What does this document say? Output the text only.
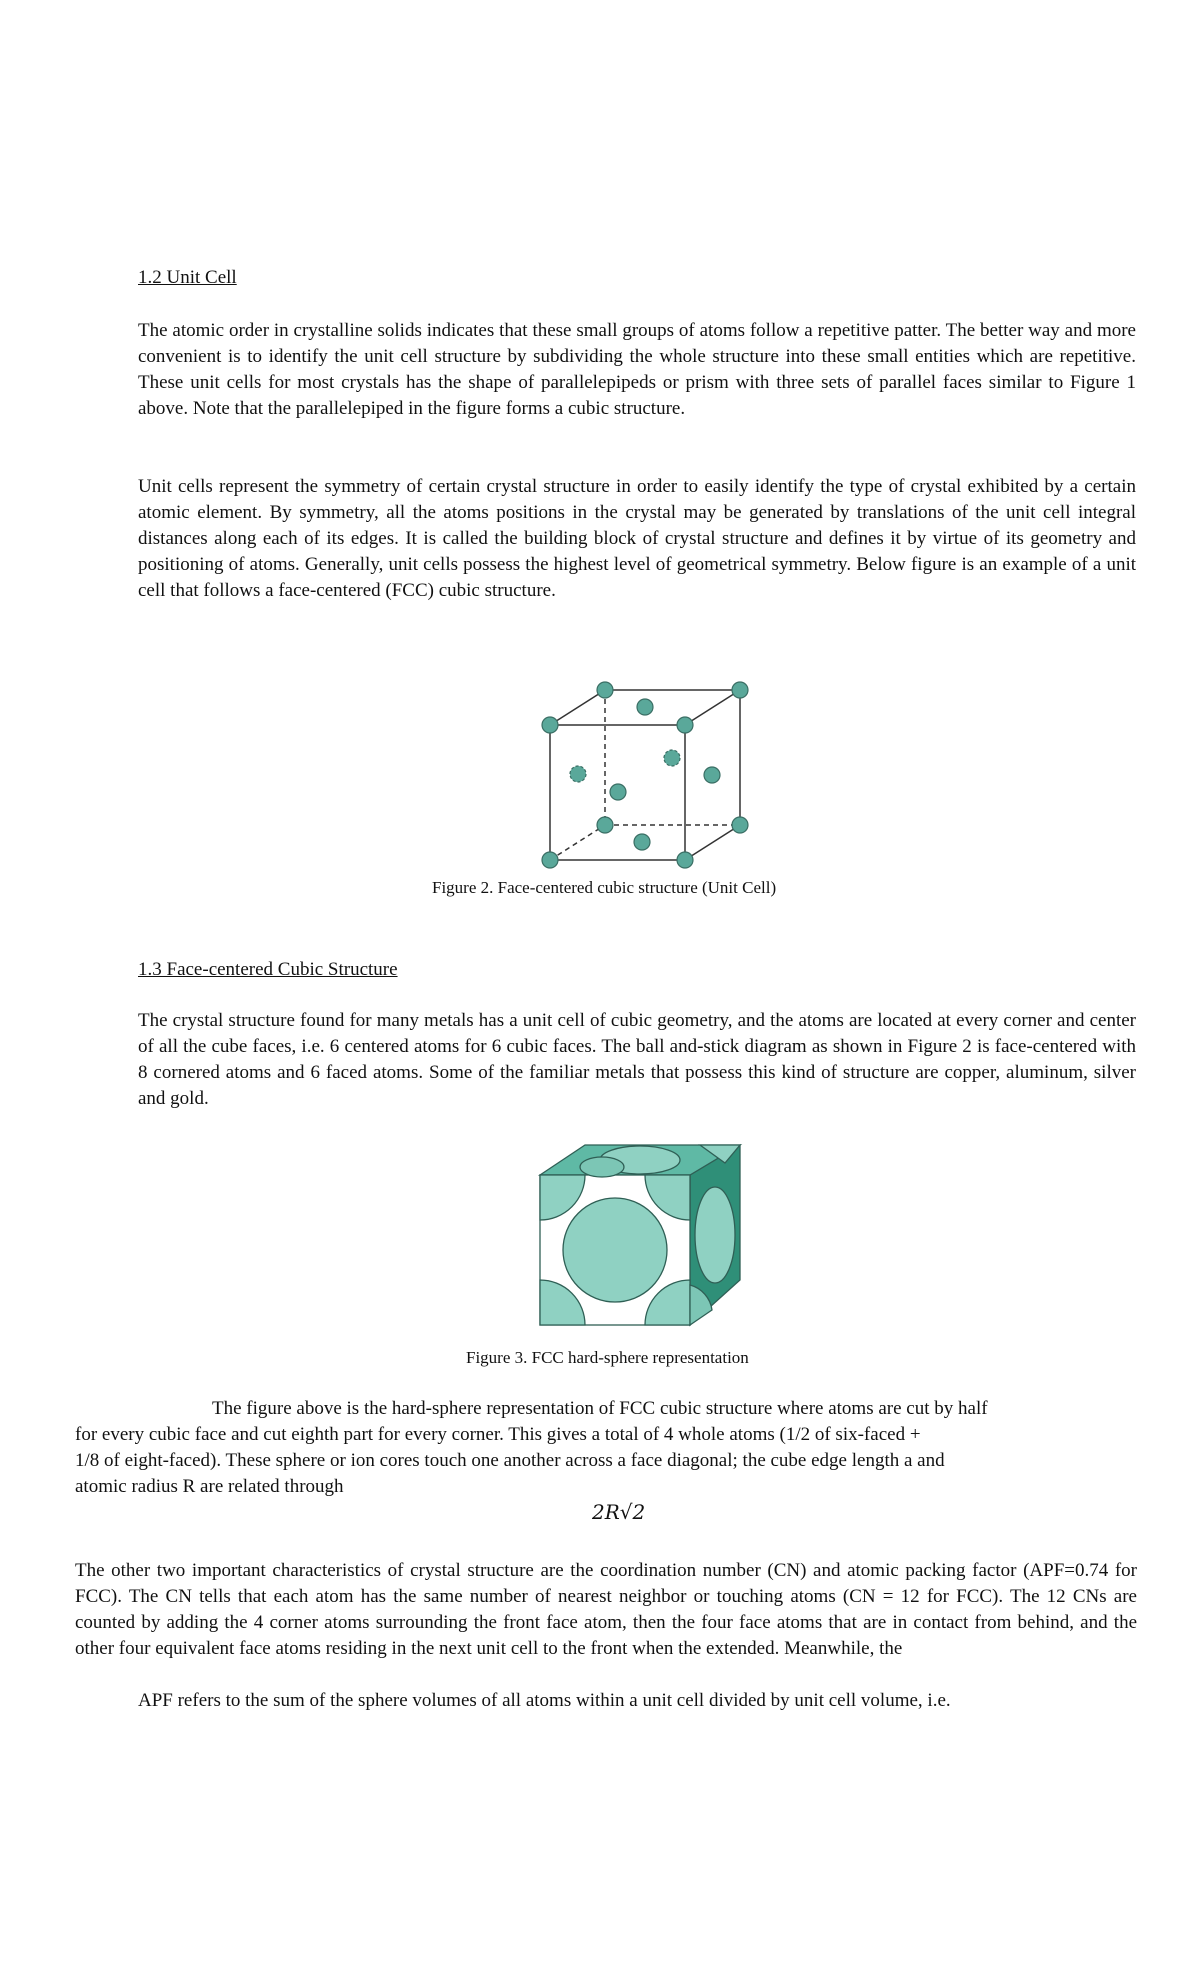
1.2 Unit Cell

The atomic order in crystalline solids indicates that these small groups of atoms follow a repetitive patter. The better way and more convenient is to identify the unit cell structure by subdividing the whole structure into these small entities which are repetitive. These unit cells for most crystals has the shape of parallelepipeds or prism with three sets of parallel faces similar to Figure 1 above. Note that the parallelepiped in the figure forms a cubic structure.

Unit cells represent the symmetry of certain crystal structure in order to easily identify the type of crystal exhibited by a certain atomic element. By symmetry, all the atoms positions in the crystal may be generated by translations of the unit cell integral distances along each of its edges. It is called the building block of crystal structure and defines it by virtue of its geometry and positioning of atoms. Generally, unit cells possess the highest level of geometrical symmetry. Below figure is an example of a unit cell that follows a face-centered (FCC) cubic structure.

Figure 2. Face-centered cubic structure (Unit Cell)
1.3 Face-centered Cubic Structure

The crystal structure found for many metals has a unit cell of cubic geometry, and the atoms are located at every corner and center of all the cube faces, i.e. 6 centered atoms for 6 cubic faces. The ball and-stick diagram as shown in Figure 2 is face-centered with 8 cornered atoms and 6 faced atoms. Some of the familiar metals that possess this kind of structure are copper, aluminum, silver and gold.

Figure 3. FCC hard-sphere representation

The figure above is the hard-sphere representation of FCC cubic structure where atoms are cut by half

for every cubic face and cut eighth part for every corner. This gives a total of 4 whole atoms (1/2 of six-faced +

1/8 of eight-faced). These sphere or ion cores touch one another across a face diagonal; the cube edge length a and

atomic radius R are related through

2R√2

The other two important characteristics of crystal structure are the coordination number (CN) and atomic packing factor (APF=0.74 for FCC). The CN tells that each atom has the same number of nearest neighbor or touching atoms (CN = 12 for FCC). The 12 CNs are counted by adding the 4 corner atoms surrounding the front face atom, then the four face atoms that are in contact from behind, and the other four equivalent face atoms residing in the next unit cell to the front when the extended. Meanwhile, the

APF refers to the sum of the sphere volumes of all atoms within a unit cell divided by unit cell volume, i.e.
